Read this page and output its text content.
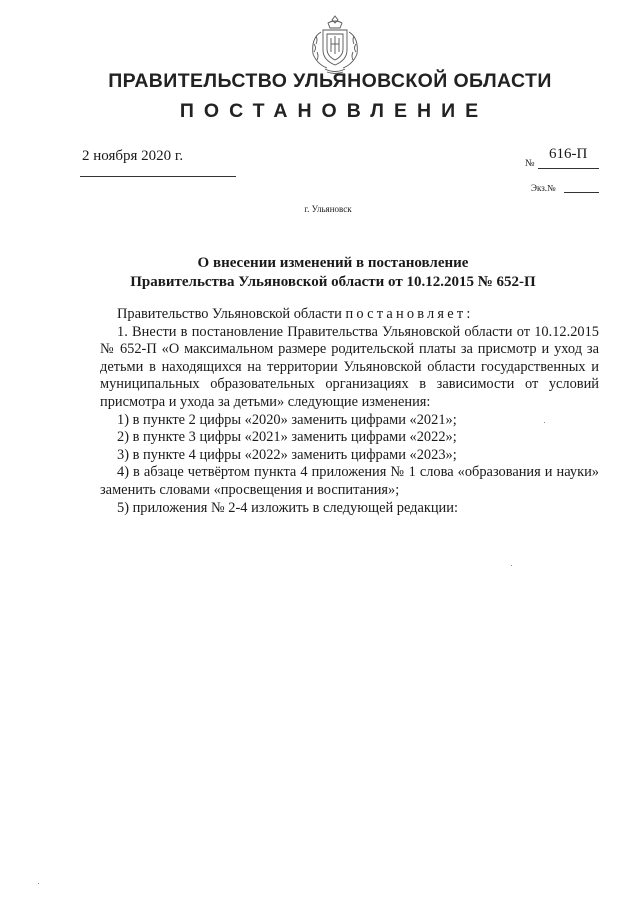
ПРАВИТЕЛЬСТВО УЛЬЯНОВСКОЙ ОБЛАСТИ
ПОСТАНОВЛЕНИЕ
2 ноября 2020 г.	№
616-П
Экз.№
г. Ульяновск
О внесении изменений в постановление
Правительства Ульяновской области от 10.12.2015 № 652-П

Правительство Ульяновской области постановляет:

1. Внести в постановление Правительства Ульяновской области от 10.12.2015 № 652-П «О максимальном размере родительской платы за присмотр и уход за детьми в находящихся на территории Ульяновской области государственных и муниципальных образовательных организациях в зависимости от условий присмотра и ухода за детьми» следующие изменения:

1) в пункте 2 цифры «2020» заменить цифрами «2021»;

2) в пункте 3 цифры «2021» заменить цифрами «2022»;

3) в пункте 4 цифры «2022» заменить цифрами «2023»;

4) в абзаце четвёртом пункта 4 приложения № 1 слова «образования и науки» заменить словами «просвещения и воспитания»;

5) приложения № 2-4 изложить в следующей редакции:
